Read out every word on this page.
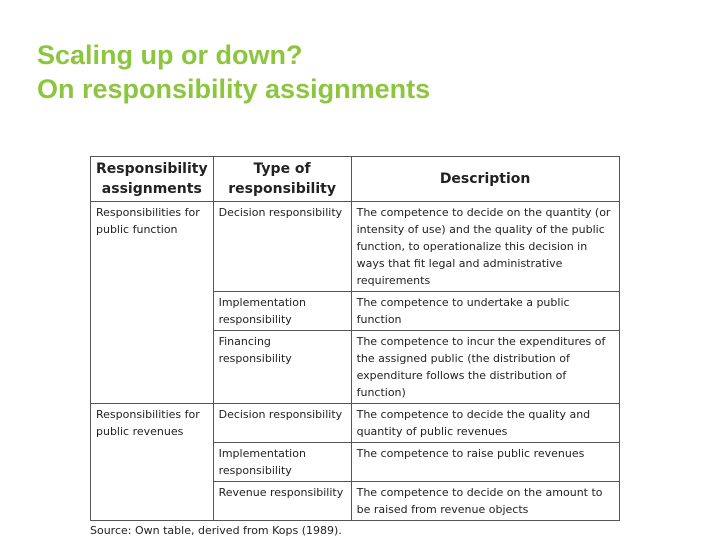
Scaling up or down?
On responsibility assignments
Responsibility assignments	Type of responsibility	Description
Responsibilities for public function	Decision responsibility	The competence to decide on the quantity (or intensity of use) and the quality of the public function, to operationalize this decision in ways that fit legal and administrative requirements
	Implementation responsibility	The competence to undertake a public function
	Financing responsibility	The competence to incur the expenditures of the assigned public (the distribution of expenditure follows the distribution of function)
Responsibilities for public revenues	Decision responsibility	The competence to decide the quality and quantity of public revenues
	Implementation responsibility	The competence to raise public revenues
	Revenue responsibility	The competence to decide on the amount to be raised from revenue objects
Source: Own table, derived from Kops (1989).
